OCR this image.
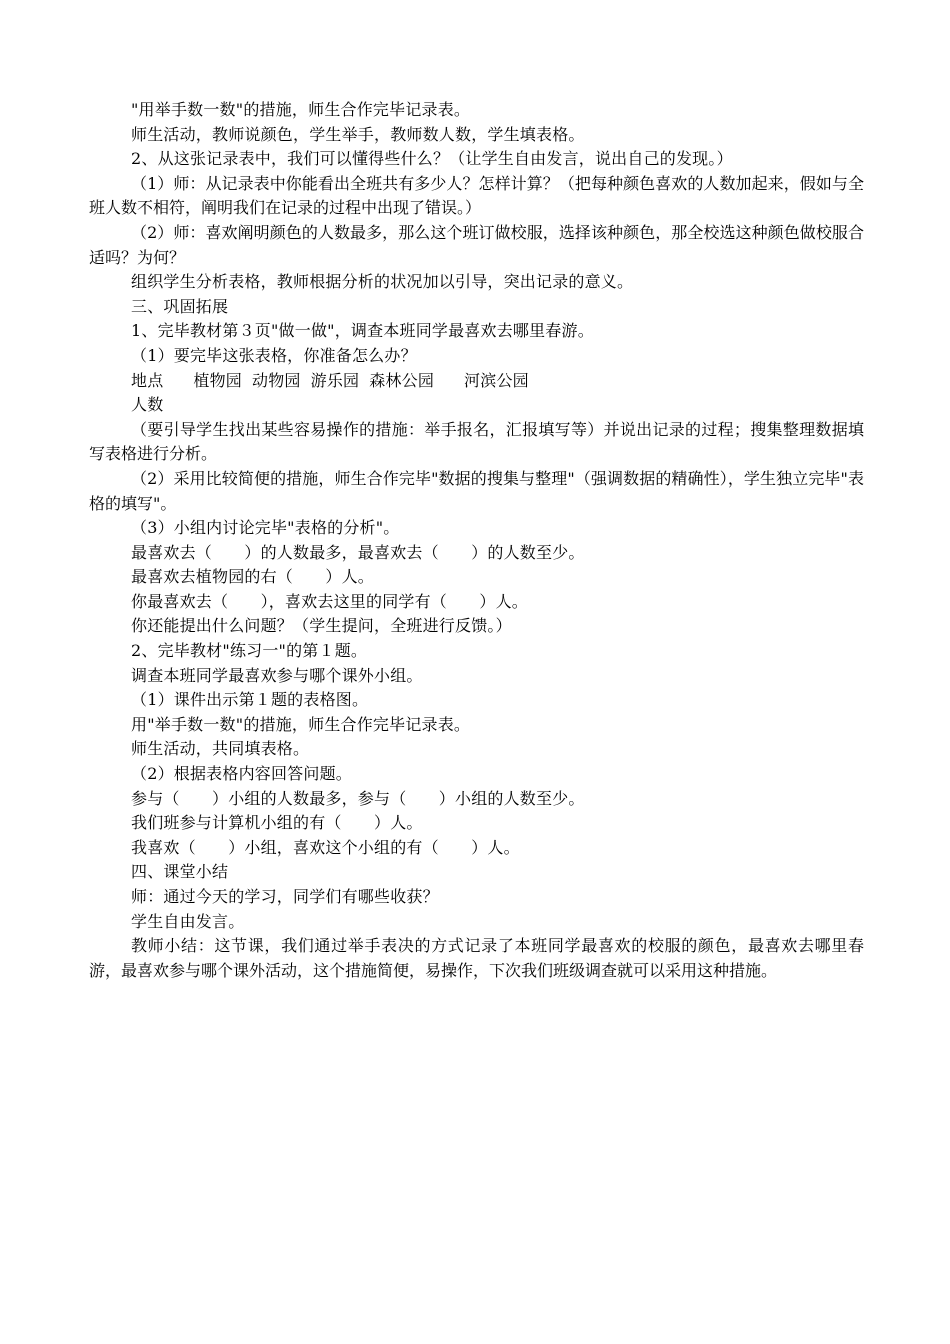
"用举手数一数"的措施，师生合作完毕记录表。
师生活动，教师说颜色，学生举手，教师数人数，学生填表格。
2、从这张记录表中，我们可以懂得些什么？（让学生自由发言，说出自己的发现。）
（1）师：从记录表中你能看出全班共有多少人？怎样计算？（把每种颜色喜欢的人数加起来，假如与全班人数不相符，阐明我们在记录的过程中出现了错误。）
（2）师：喜欢阐明颜色的人数最多，那么这个班订做校服，选择该种颜色，那全校选这种颜色做校服合适吗？为何？
组织学生分析表格，教师根据分析的状况加以引导，突出记录的意义。
三、巩固拓展
1、完毕教材第３页"做一做"，调查本班同学最喜欢去哪里春游。
（1）要完毕这张表格，你准备怎么办？
地点 植物园 动物园 游乐园 森林公园 河滨公园
人数
（要引导学生找出某些容易操作的措施：举手报名，汇报填写等）并说出记录的过程；搜集整理数据填写表格进行分析。
（2）采用比较简便的措施，师生合作完毕"数据的搜集与整理"（强调数据的精确性），学生独立完毕"表格的填写"。
（3）小组内讨论完毕"表格的分析"。
最喜欢去（　　）的人数最多，最喜欢去（　　）的人数至少。
最喜欢去植物园的右（　　）人。
你最喜欢去（　　），喜欢去这里的同学有（　　）人。
你还能提出什么问题？（学生提问，全班进行反馈。）
2、完毕教材"练习一"的第１题。
调查本班同学最喜欢参与哪个课外小组。
（1）课件出示第１题的表格图。
用"举手数一数"的措施，师生合作完毕记录表。
师生活动，共同填表格。
（2）根据表格内容回答问题。
参与（　　）小组的人数最多，参与（　　）小组的人数至少。
我们班参与计算机小组的有（　　）人。
我喜欢（　　）小组，喜欢这个小组的有（　　）人。
四、课堂小结
师：通过今天的学习，同学们有哪些收获？
学生自由发言。
教师小结：这节课，我们通过举手表决的方式记录了本班同学最喜欢的校服的颜色，最喜欢去哪里春游，最喜欢参与哪个课外活动，这个措施简便，易操作，下次我们班级调查就可以采用这种措施。
